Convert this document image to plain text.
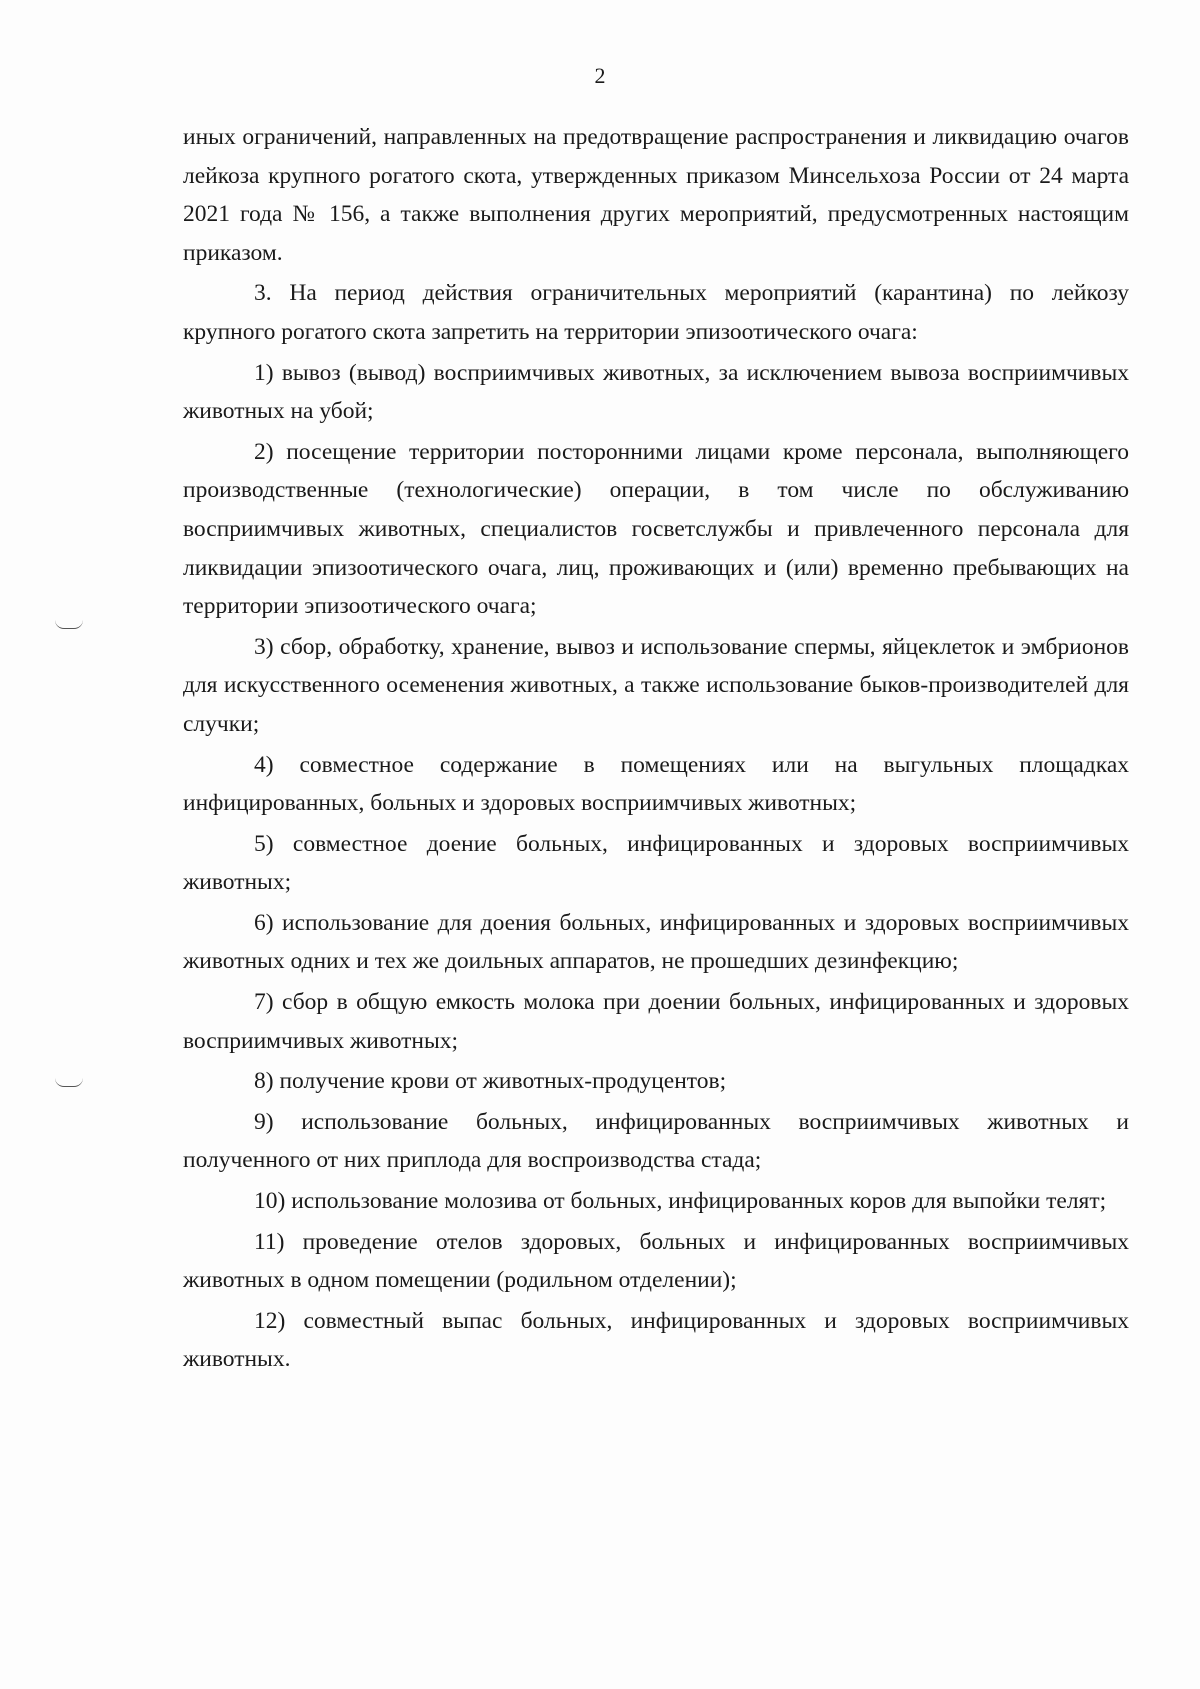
2

иных ограничений, направленных на предотвращение распространения и ликвидацию очагов лейкоза крупного рогатого скота, утвержденных приказом Минсельхоза России от 24 марта 2021 года № 156, а также выполнения других мероприятий, предусмотренных настоящим приказом.

3. На период действия ограничительных мероприятий (карантина) по лейкозу крупного рогатого скота запретить на территории эпизоотического очага:

1) вывоз (вывод) восприимчивых животных, за исключением вывоза восприимчивых животных на убой;

2) посещение территории посторонними лицами кроме персонала, выполняющего производственные (технологические) операции, в том числе по обслуживанию восприимчивых животных, специалистов госветслужбы и привлеченного персонала для ликвидации эпизоотического очага, лиц, проживающих и (или) временно пребывающих на территории эпизоотического очага;

3) сбор, обработку, хранение, вывоз и использование спермы, яйцеклеток и эмбрионов для искусственного осеменения животных, а также использование быков-производителей для случки;

4) совместное содержание в помещениях или на выгульных площадках инфицированных, больных и здоровых восприимчивых животных;

5) совместное доение больных, инфицированных и здоровых восприимчивых животных;

6) использование для доения больных, инфицированных и здоровых восприимчивых животных одних и тех же доильных аппаратов, не прошедших дезинфекцию;

7) сбор в общую емкость молока при доении больных, инфицированных и здоровых восприимчивых животных;

8) получение крови от животных-продуцентов;

9) использование больных, инфицированных восприимчивых животных и полученного от них приплода для воспроизводства стада;

10) использование молозива от больных, инфицированных коров для выпойки телят;

11) проведение отелов здоровых, больных и инфицированных восприимчивых животных в одном помещении (родильном отделении);

12) совместный выпас больных, инфицированных и здоровых восприимчивых животных.
